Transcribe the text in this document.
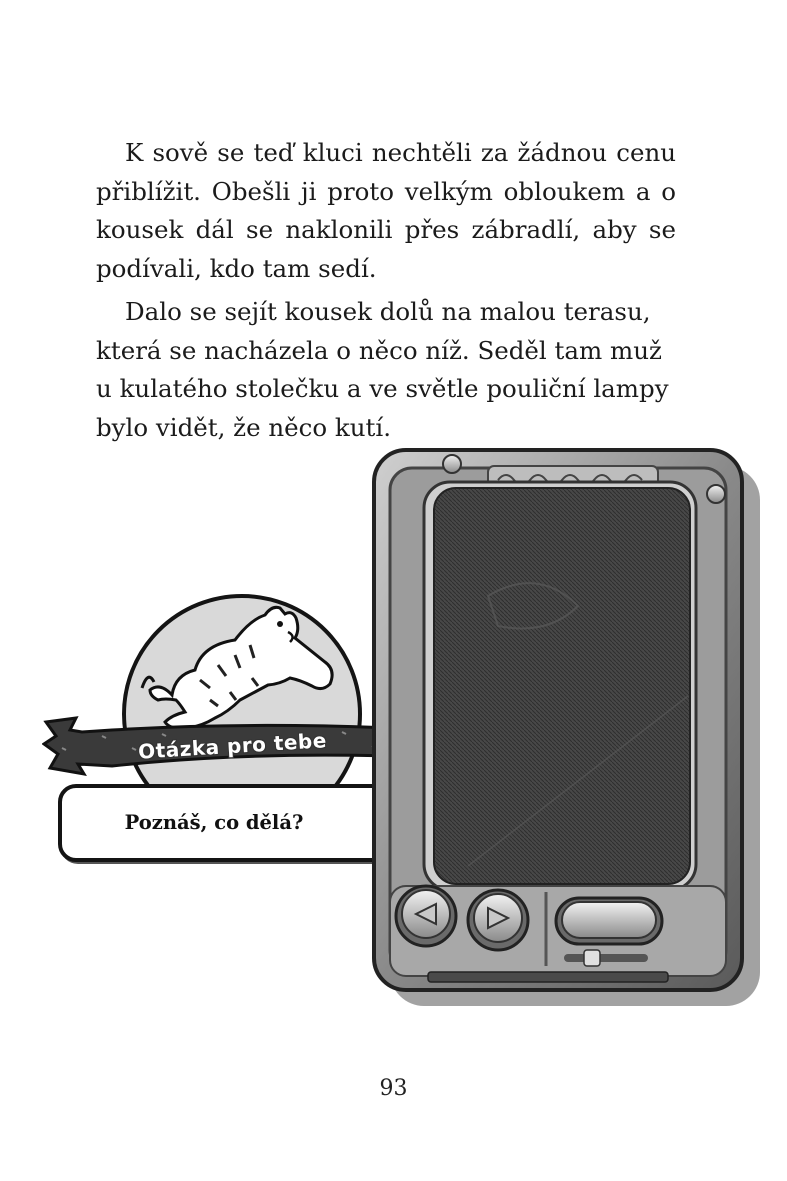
K sově se teď kluci nechtěli za žádnou cenu přiblížit. Obešli ji proto velkým obloukem a o kousek dál se naklonili přes zábradlí, aby se podívali, kdo tam sedí.

Dalo se sejít kousek dolů na malou terasu, která se nacházela o něco níž. Seděl tam muž u kulatého stolečku a ve světle pouliční lampy bylo vidět, že něco kutí.

Otázka pro tebe
Poznáš, co dělá?
93
